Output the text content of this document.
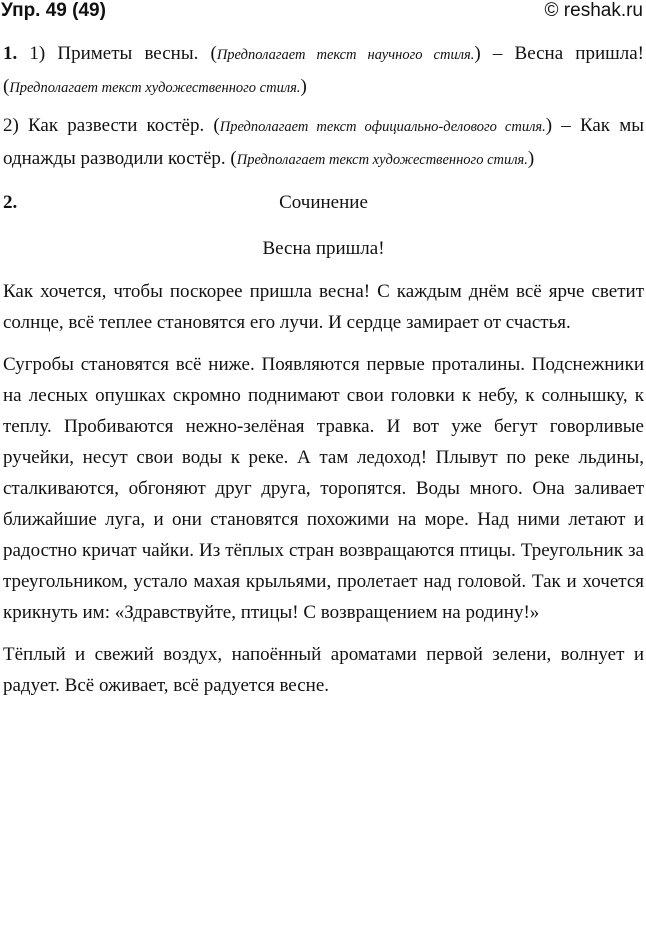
Упр. 49 (49)	© reshak.ru

1. 1) Приметы весны. (Предполагает текст научного стиля.) – Весна пришла! (Предполагает текст художественного стиля.)

2) Как развести костёр. (Предполагает текст официально-делового стиля.) – Как мы однажды разводили костёр. (Предполагает текст художественного стиля.)

2.	Сочинение
Весна пришла!

Как хочется, чтобы поскорее пришла весна! С каждым днём всё ярче светит солнце, всё теплее становятся его лучи. И сердце замирает от счастья.

Сугробы становятся всё ниже. Появляются первые проталины. Подснежники на лесных опушках скромно поднимают свои головки к небу, к солнышку, к теплу. Пробиваются нежно-зелёная травка. И вот уже бегут говорливые ручейки, несут свои воды к реке. А там ледоход! Плывут по реке льдины, сталкиваются, обгоняют друг друга, торопятся. Воды много. Она заливает ближайшие луга, и они становятся похожими на море. Над ними летают и радостно кричат чайки. Из тёплых стран возвращаются птицы. Треугольник за треугольником, устало махая крыльями, пролетает над головой. Так и хочется крикнуть им: «Здравствуйте, птицы! С возвращением на родину!»

Тёплый и свежий воздух, напоённый ароматами первой зелени, волнует и радует. Всё оживает, всё радуется весне.
